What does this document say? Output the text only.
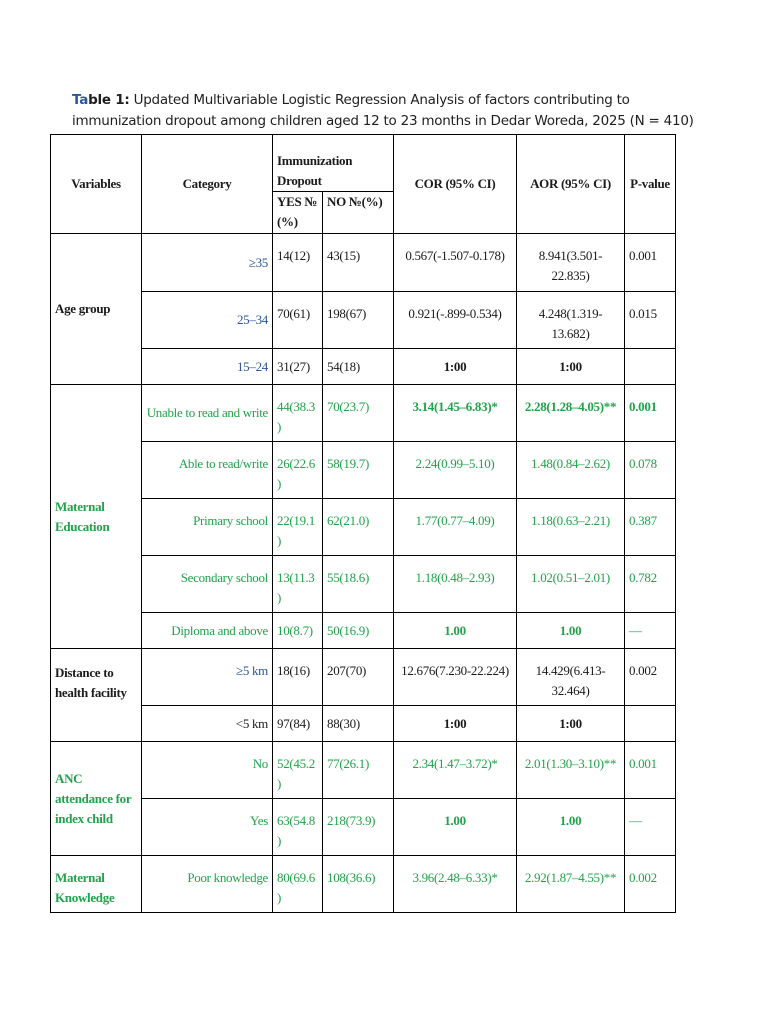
Table 1: Updated Multivariable Logistic Regression Analysis of factors contributing to immunization dropout among children aged 12 to 23 months in Dedar Woreda, 2025 (N = 410)
Variables	Category	Immunization Dropout		COR (95% CI)	AOR (95% CI)	P-value
		YES №(%)	NO №(%)			
Age group	≥35	14(12)	43(15)	0.567(-1.507-0.178)	8.941(3.501-22.835)	0.001
	25–34	70(61)	198(67)	0.921(-.899-0.534)	4.248(1.319-13.682)	0.015
	15–24	31(27)	54(18)	1:00	1:00	
Maternal Education	Unable to read and write	44(38.3)	70(23.7)	3.14(1.45–6.83)*	2.28(1.28–4.05)**	0.001
	Able to read/write	26(22.6)	58(19.7)	2.24(0.99–5.10)	1.48(0.84–2.62)	0.078
	Primary school	22(19.1)	62(21.0)	1.77(0.77–4.09)	1.18(0.63–2.21)	0.387
	Secondary school	13(11.3)	55(18.6)	1.18(0.48–2.93)	1.02(0.51–2.01)	0.782
	Diploma and above	10(8.7)	50(16.9)	1.00	1.00	—
Distance to health facility	≥5 km	18(16)	207(70)	12.676(7.230-22.224)	14.429(6.413-32.464)	0.002
	<5 km	97(84)	88(30)	1:00	1:00	
ANC attendance for index child	No	52(45.2)	77(26.1)	2.34(1.47–3.72)*	2.01(1.30–3.10)**	0.001
	Yes	63(54.8)	218(73.9)	1.00	1.00	—
Maternal Knowledge	Poor knowledge	80(69.6)	108(36.6)	3.96(2.48–6.33)*	2.92(1.87–4.55)**	0.002
